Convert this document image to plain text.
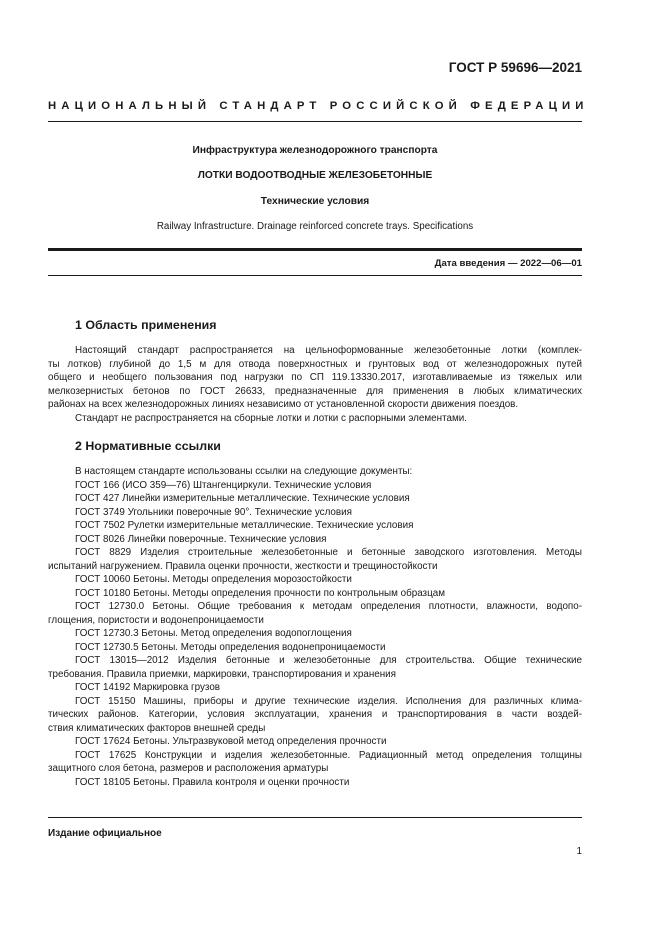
ГОСТ Р 59696—2021
НАЦИОНАЛЬНЫЙ СТАНДАРТ РОССИЙСКОЙ ФЕДЕРАЦИИ
Инфраструктура железнодорожного транспорта
ЛОТКИ ВОДООТВОДНЫЕ ЖЕЛЕЗОБЕТОННЫЕ
Технические условия
Railway Infrastructure. Drainage reinforced concrete trays. Specifications
Дата введения — 2022—06—01
1 Область применения
Настоящий стандарт распространяется на цельноформованные железобетонные лотки (комплек-
ты лотков) глубиной до 1,5 м для отвода поверхностных и грунтовых вод от железнодорожных путей
общего и необщего пользования под нагрузки по СП 119.13330.2017, изготавливаемые из тяжелых или
мелкозернистых бетонов по ГОСТ 26633, предназначенные для применения в любых климатических
районах на всех железнодорожных линиях независимо от установленной скорости движения поездов.
Стандарт не распространяется на сборные лотки и лотки с распорными элементами.
2 Нормативные ссылки
В настоящем стандарте использованы ссылки на следующие документы:
ГОСТ 166 (ИСО 359—76) Штангенциркули. Технические условия
ГОСТ 427 Линейки измерительные металлические. Технические условия
ГОСТ 3749 Угольники поверочные 90°. Технические условия
ГОСТ 7502 Рулетки измерительные металлические. Технические условия
ГОСТ 8026 Линейки поверочные. Технические условия
ГОСТ 8829 Изделия строительные железобетонные и бетонные заводского изготовления. Методы
испытаний нагружением. Правила оценки прочности, жесткости и трещиностойкости
ГОСТ 10060 Бетоны. Методы определения морозостойкости
ГОСТ 10180 Бетоны. Методы определения прочности по контрольным образцам
ГОСТ 12730.0 Бетоны. Общие требования к методам определения плотности, влажности, водопо-
глощения, пористости и водонепроницаемости
ГОСТ 12730.3 Бетоны. Метод определения водопоглощения
ГОСТ 12730.5 Бетоны. Методы определения водонепроницаемости
ГОСТ 13015—2012 Изделия бетонные и железобетонные для строительства. Общие технические
требования. Правила приемки, маркировки, транспортирования и хранения
ГОСТ 14192 Маркировка грузов
ГОСТ 15150 Машины, приборы и другие технические изделия. Исполнения для различных клима-
тических районов. Категории, условия эксплуатации, хранения и транспортирования в части воздей-
ствия климатических факторов внешней среды
ГОСТ 17624 Бетоны. Ультразвуковой метод определения прочности
ГОСТ 17625 Конструкции и изделия железобетонные. Радиационный метод определения толщины
защитного слоя бетона, размеров и расположения арматуры
ГОСТ 18105 Бетоны. Правила контроля и оценки прочности
Издание официальное
1
